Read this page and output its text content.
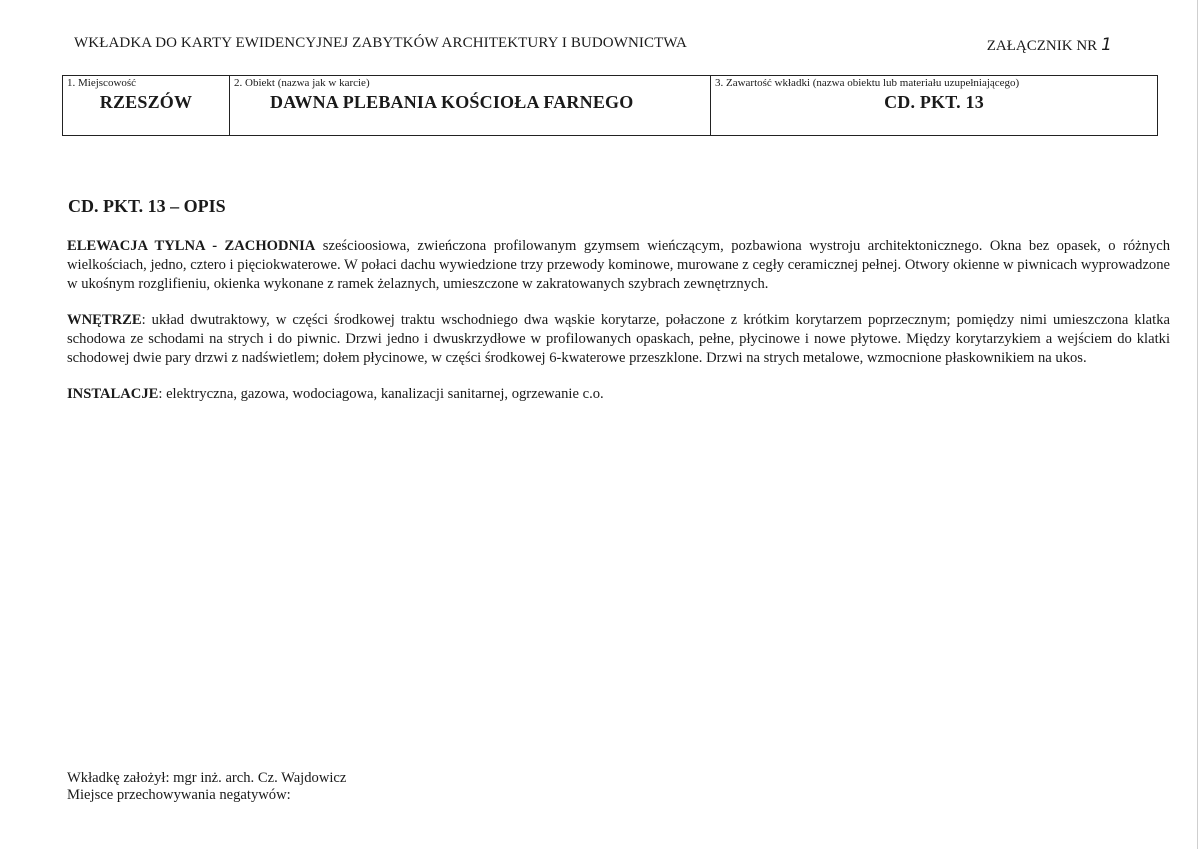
WKŁADKA DO KARTY EWIDENCYJNEJ ZABYTKÓW ARCHITEKTURY I BUDOWNICTWA	ZAŁĄCZNIK NR 1
1. Miejscowość
RZESZÓW
2. Obiekt (nazwa jak w karcie)
DAWNA PLEBANIA KOŚCIOŁA FARNEGO
3. Zawartość wkładki (nazwa obiektu lub materiału uzupełniającego)
CD. PKT. 13
CD. PKT. 13 – OPIS

ELEWACJA TYLNA - ZACHODNIA sześcioosiowa, zwieńczona profilowanym gzymsem wieńczącym, pozbawiona wystroju architektonicznego. Okna bez opasek, o różnych wielkościach, jedno, cztero i pięciokwaterowe. W połaci dachu wywiedzione trzy przewody kominowe, murowane z cegły ceramicznej pełnej. Otwory okienne w piwnicach wyprowadzone w ukośnym rozglifieniu, okienka wykonane z ramek żelaznych, umieszczone w zakratowanych szybrach zewnętrznych.

WNĘTRZE: układ dwutraktowy, w części środkowej traktu wschodniego dwa wąskie korytarze, połaczone z krótkim korytarzem poprzecznym; pomiędzy nimi umieszczona klatka schodowa ze schodami na strych i do piwnic. Drzwi jedno i dwuskrzydłowe w profilowanych opaskach, pełne, płycinowe i nowe płytowe. Między korytarzykiem a wejściem do klatki schodowej dwie pary drzwi z nadświetlem; dołem płycinowe, w części środkowej 6-kwaterowe przeszklone. Drzwi na strych metalowe, wzmocnione płaskownikiem na ukos.

INSTALACJE: elektryczna, gazowa, wodociagowa, kanalizacji sanitarnej, ogrzewanie c.o.

Wkładkę założył: mgr inż. arch. Cz. Wajdowicz
Miejsce przechowywania negatywów:
